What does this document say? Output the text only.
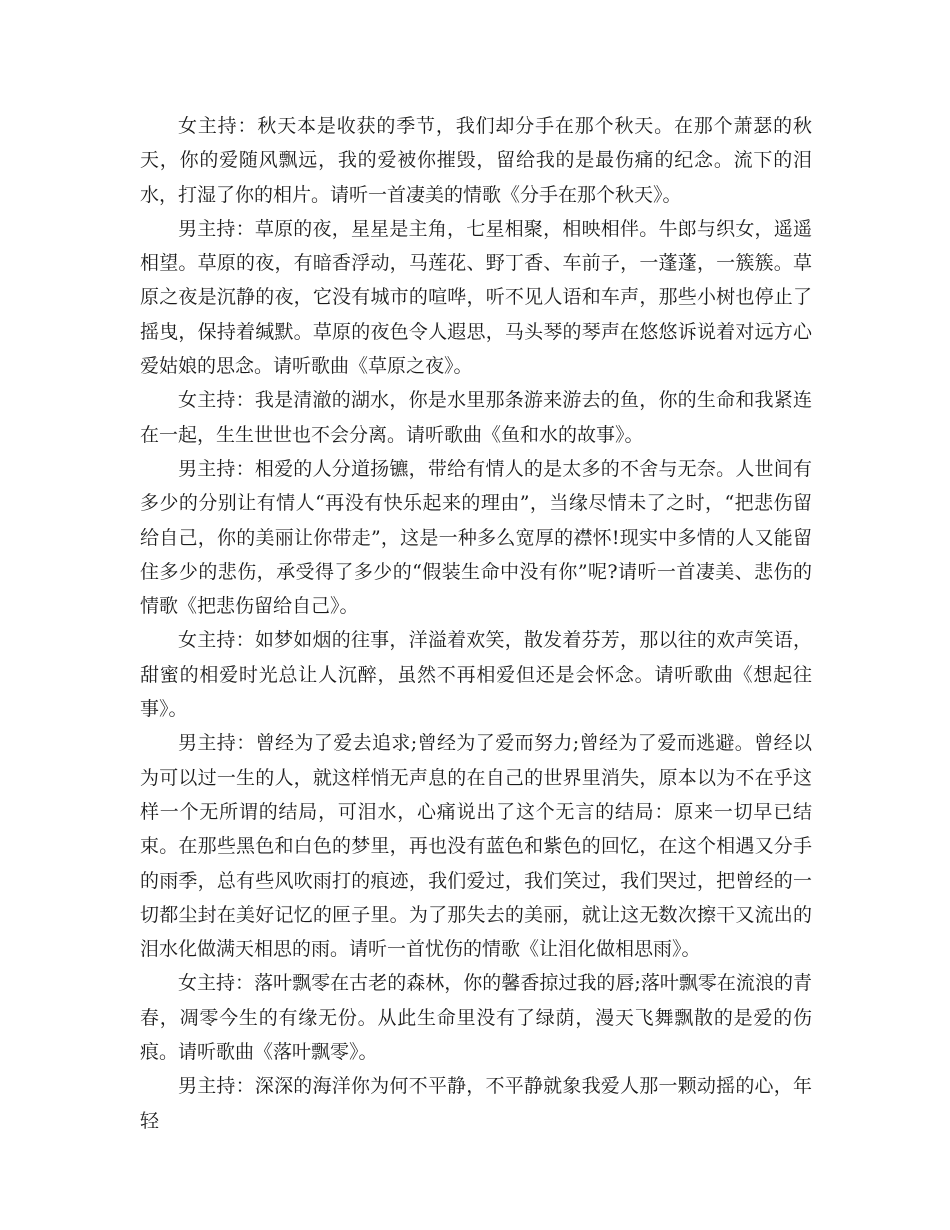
女主持：秋天本是收获的季节，我们却分手在那个秋天。在那个萧瑟的秋天，你的爱随风飘远，我的爱被你摧毁，留给我的是最伤痛的纪念。流下的泪水，打湿了你的相片。请听一首凄美的情歌《分手在那个秋天》。

男主持：草原的夜，星星是主角，七星相聚，相映相伴。牛郎与织女，遥遥相望。草原的夜，有暗香浮动，马莲花、野丁香、车前子，一蓬蓬，一簇簇。草原之夜是沉静的夜，它没有城市的喧哗，听不见人语和车声，那些小树也停止了摇曳，保持着缄默。草原的夜色令人遐思，马头琴的琴声在悠悠诉说着对远方心爱姑娘的思念。请听歌曲《草原之夜》。

女主持：我是清澈的湖水，你是水里那条游来游去的鱼，你的生命和我紧连在一起，生生世世也不会分离。请听歌曲《鱼和水的故事》。

男主持：相爱的人分道扬镳，带给有情人的是太多的不舍与无奈。人世间有多少的分别让有情人“再没有快乐起来的理由”，当缘尽情未了之时，“把悲伤留给自己，你的美丽让你带走”，这是一种多么宽厚的襟怀!现实中多情的人又能留住多少的悲伤，承受得了多少的“假装生命中没有你”呢?请听一首凄美、悲伤的情歌《把悲伤留给自己》。

女主持：如梦如烟的往事，洋溢着欢笑，散发着芬芳，那以往的欢声笑语，甜蜜的相爱时光总让人沉醉，虽然不再相爱但还是会怀念。请听歌曲《想起往事》。

男主持：曾经为了爱去追求;曾经为了爱而努力;曾经为了爱而逃避。曾经以为可以过一生的人，就这样悄无声息的在自己的世界里消失，原本以为不在乎这样一个无所谓的结局，可泪水，心痛说出了这个无言的结局：原来一切早已结束。在那些黑色和白色的梦里，再也没有蓝色和紫色的回忆，在这个相遇又分手的雨季，总有些风吹雨打的痕迹，我们爱过，我们笑过，我们哭过，把曾经的一切都尘封在美好记忆的匣子里。为了那失去的美丽，就让这无数次擦干又流出的泪水化做满天相思的雨。请听一首忧伤的情歌《让泪化做相思雨》。

女主持：落叶飘零在古老的森林，你的馨香掠过我的唇;落叶飘零在流浪的青春，凋零今生的有缘无份。从此生命里没有了绿荫，漫天飞舞飘散的是爱的伤痕。请听歌曲《落叶飘零》。

男主持：深深的海洋你为何不平静，不平静就象我爱人那一颗动摇的心，年轻
